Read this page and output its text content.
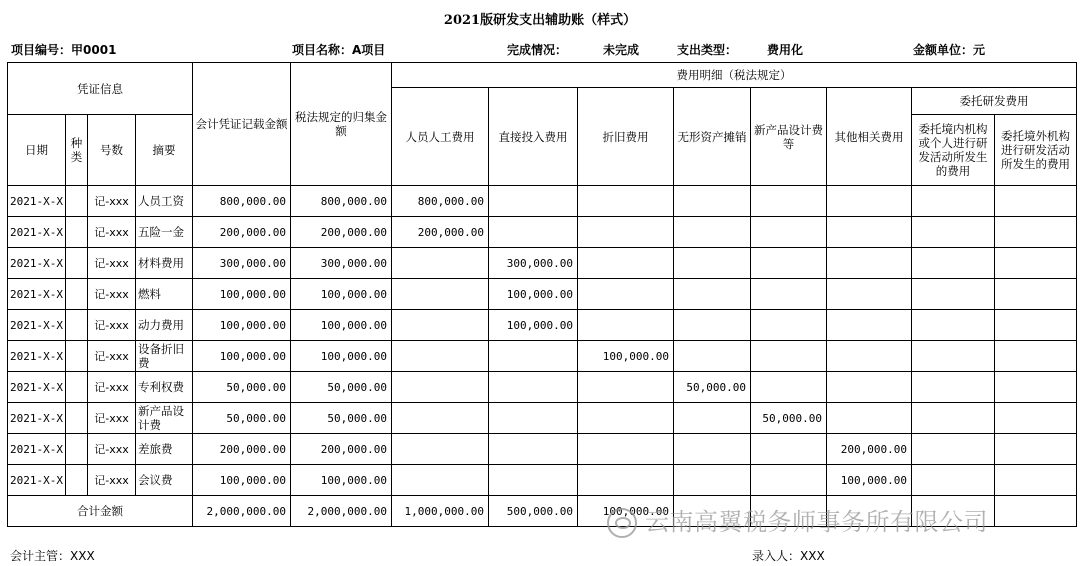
2021版研发支出辅助账（样式）
项目编号：甲0001	项目名称：A项目	完成情况：	未完成	支出类型： 费用化	金额单位：元
凭证信息				会计凭证记载金额	税法规定的归集金额	费用明细（税法规定）							
						人员人工费用	直接投入费用	折旧费用	无形资产摊销	新产品设计费等	其他相关费用	委托研发费用	
日期	种类	号数	摘要									委托境内机构或个人进行研发活动所发生的费用	委托境外机构进行研发活动所发生的费用
2021-X-X		记-xxx	人员工资	800,000.00	800,000.00	800,000.00							
2021-X-X		记-xxx	五险一金	200,000.00	200,000.00	200,000.00							
2021-X-X		记-xxx	材料费用	300,000.00	300,000.00		300,000.00						
2021-X-X		记-xxx	燃料	100,000.00	100,000.00		100,000.00						
2021-X-X		记-xxx	动力费用	100,000.00	100,000.00		100,000.00						
2021-X-X		记-xxx	设备折旧费	100,000.00	100,000.00			100,000.00					
2021-X-X		记-xxx	专利权费	50,000.00	50,000.00				50,000.00				
2021-X-X		记-xxx	新产品设计费	50,000.00	50,000.00					50,000.00			
2021-X-X		记-xxx	差旅费	200,000.00	200,000.00						200,000.00		
2021-X-X		记-xxx	会议费	100,000.00	100,000.00						100,000.00		
合计金额				2,000,000.00	2,000,000.00	1,000,000.00	500,000.00	100,000.00					
云南高翼税务师事务所有限公司
会计主管：XXX	录入人：XXX
